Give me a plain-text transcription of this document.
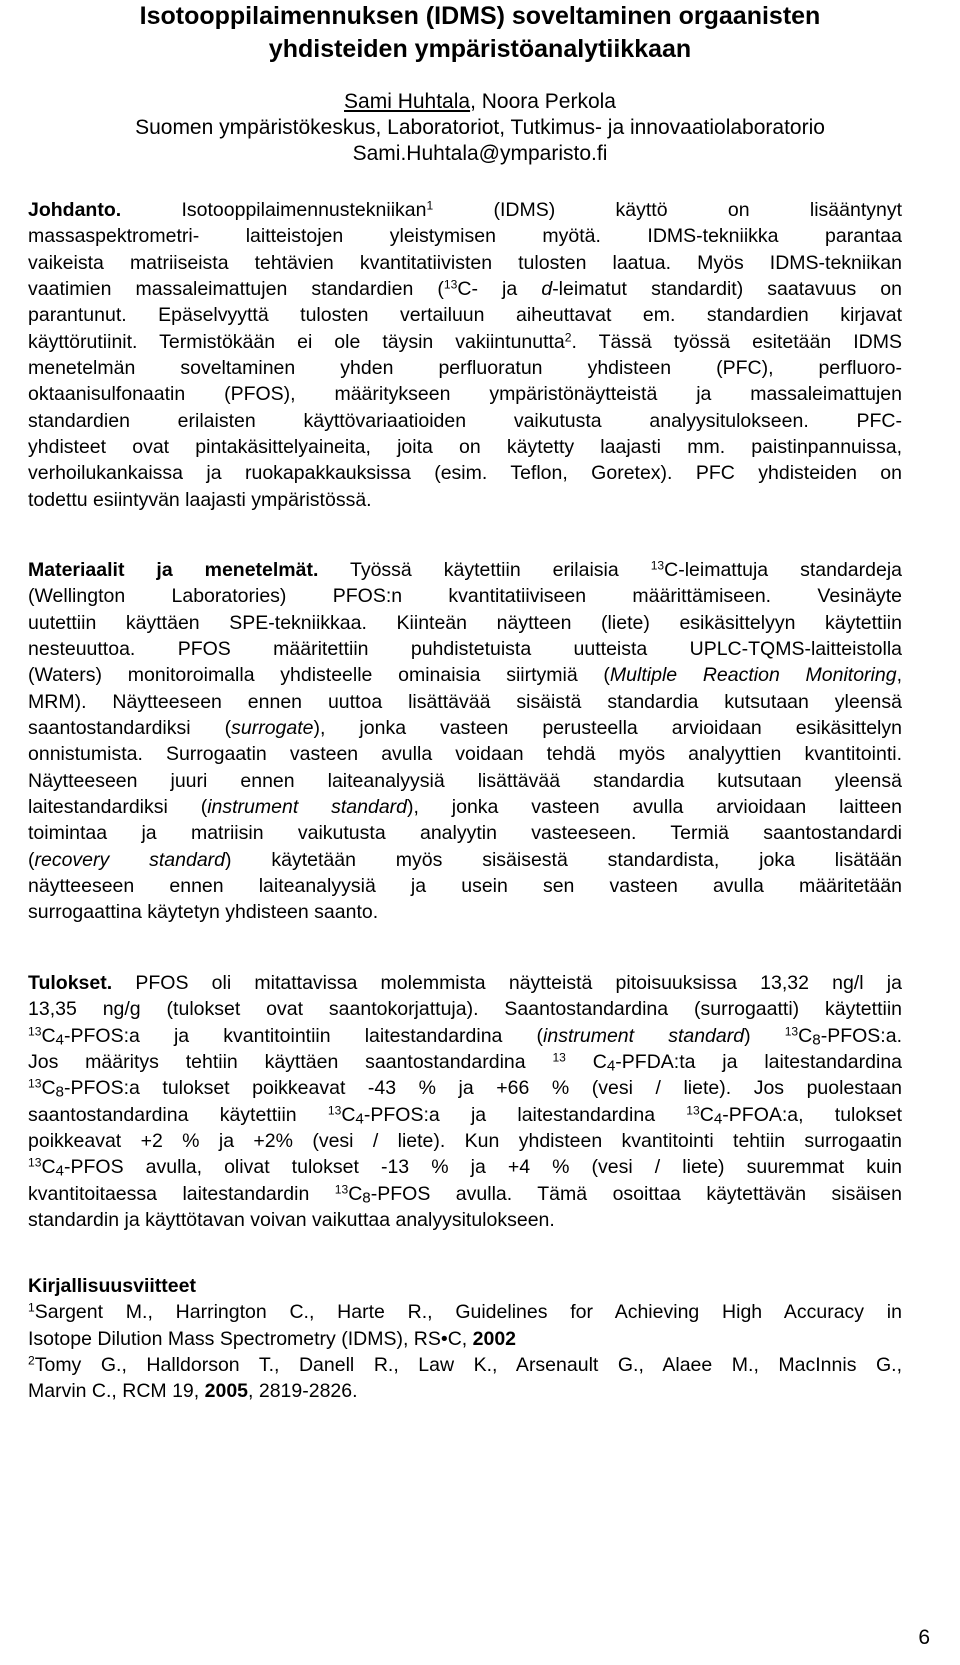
Isotooppilaimennuksen (IDMS) soveltaminen orgaanisten
yhdisteiden ympäristöanalytiikkaan
Sami Huhtala, Noora Perkola
Suomen ympäristökeskus, Laboratoriot, Tutkimus- ja innovaatiolaboratorio
Sami.Huhtala@ymparisto.fi
Johdanto.	Isotooppilaimennustekniikan$^1$ (IDMS) käyttö on lisääntynyt
massaspektrometri- laitteistojen yleistymisen myötä. IDMS-tekniikka parantaa
vaikeista matriiseista tehtävien kvantitatiivisten tulosten laatua. Myös IDMS-tekniikan
vaatimien massaleimattujen standardien ($^{13}$C- ja d-leimatut standardit) saatavuus on
parantunut. Epäselvyyttä tulosten vertailuun aiheuttavat em. standardien kirjavat
käyttörutiinit. Termistökään ei ole täysin vakiintunutta$^2$. Tässä työssä esitetään IDMS
menetelmän soveltaminen yhden perfluoratun yhdisteen (PFC), perfluoro-
oktaanisulfonaatin (PFOS), määritykseen ympäristönäytteistä ja massaleimattujen
standardien erilaisten käyttövariaatioiden vaikutusta analyysitulokseen. PFC-
yhdisteet ovat pintakäsittelyaineita, joita on käytetty laajasti mm. paistinpannuissa,
verhoilukankaissa ja ruokapakkauksissa (esim. Teflon, Goretex). PFC yhdisteiden on
todettu esiintyvän laajasti ympäristössä.
Materiaalit ja menetelmät. Työssä käytettiin erilaisia $^{13}$C-leimattuja standardeja
(Wellington Laboratories) PFOS:n kvantitatiiviseen määrittämiseen. Vesinäyte
uutettiin käyttäen SPE-tekniikkaa. Kiinteän näytteen (liete) esikäsittelyyn käytettiin
nesteuuttoa. PFOS määritettiin puhdistetuista uutteista UPLC-TQMS-laitteistolla
(Waters) monitoroimalla yhdisteelle ominaisia siirtymiä (Multiple Reaction Monitoring,
MRM). Näytteeseen ennen uuttoa lisättävää sisäistä standardia kutsutaan yleensä
saantostandardiksi (surrogate), jonka vasteen perusteella arvioidaan esikäsittelyn
onnistumista. Surrogaatin vasteen avulla voidaan tehdä myös analyyttien kvantitointi.
Näytteeseen juuri ennen laiteanalyysiä lisättävää standardia kutsutaan yleensä
laitestandardiksi (instrument standard), jonka vasteen avulla arvioidaan laitteen
toimintaa ja matriisin vaikutusta analyytin vasteeseen. Termiä saantostandardi
(recovery standard) käytetään myös sisäisestä standardista, joka lisätään
näytteeseen ennen laiteanalyysiä ja usein sen vasteen avulla määritetään
surrogaattina käytetyn yhdisteen saanto.
Tulokset. PFOS oli mitattavissa molemmista näytteistä pitoisuuksissa 13,32 ng/l ja
13,35 ng/g (tulokset ovat saantokorjattuja). Saantostandardina (surrogaatti) käytettiin
$^{13}C_4-PFOS:a$ ja kvantitointiin laitestandardina (instrument standard) $^{13}C_8-PFOS:a$.
Jos määritys tehtiin käyttäen saantostandardina $^{13}$ $C_4-PFDA:ta$ ja laitestandardina
$^{13}C_8-PFOS:a$ tulokset poikkeavat -43 % ja +66 % (vesi / liete). Jos puolestaan
saantostandardina käytettiin $^{13}C_4-PFOS:a$ ja laitestandardina $^{13}C_4-PFOA:a$, tulokset
poikkeavat +2 % ja +2% (vesi / liete). Kun yhdisteen kvantitointi tehtiin surrogaatin
$^{13}C_4$-PFOS avulla, olivat tulokset -13 % ja +4 % (vesi / liete) suuremmat kuin
kvantitoitaessa laitestandardin $^{13}C_8$-PFOS avulla. Tämä osoittaa käytettävän sisäisen
standardin ja käyttötavan voivan vaikuttaa analyysitulokseen.
Kirjallisuusviitteet
$^1$Sargent M., Harrington C., Harte R., Guidelines for Achieving High Accuracy in
Isotope Dilution Mass Spectrometry (IDMS), RS•C, 2002
$^2$Tomy G., Halldorson T., Danell R., Law K., Arsenault G., Alaee M., MacInnis G.,
Marvin C., RCM 19, 2005, 2819-2826.
6
